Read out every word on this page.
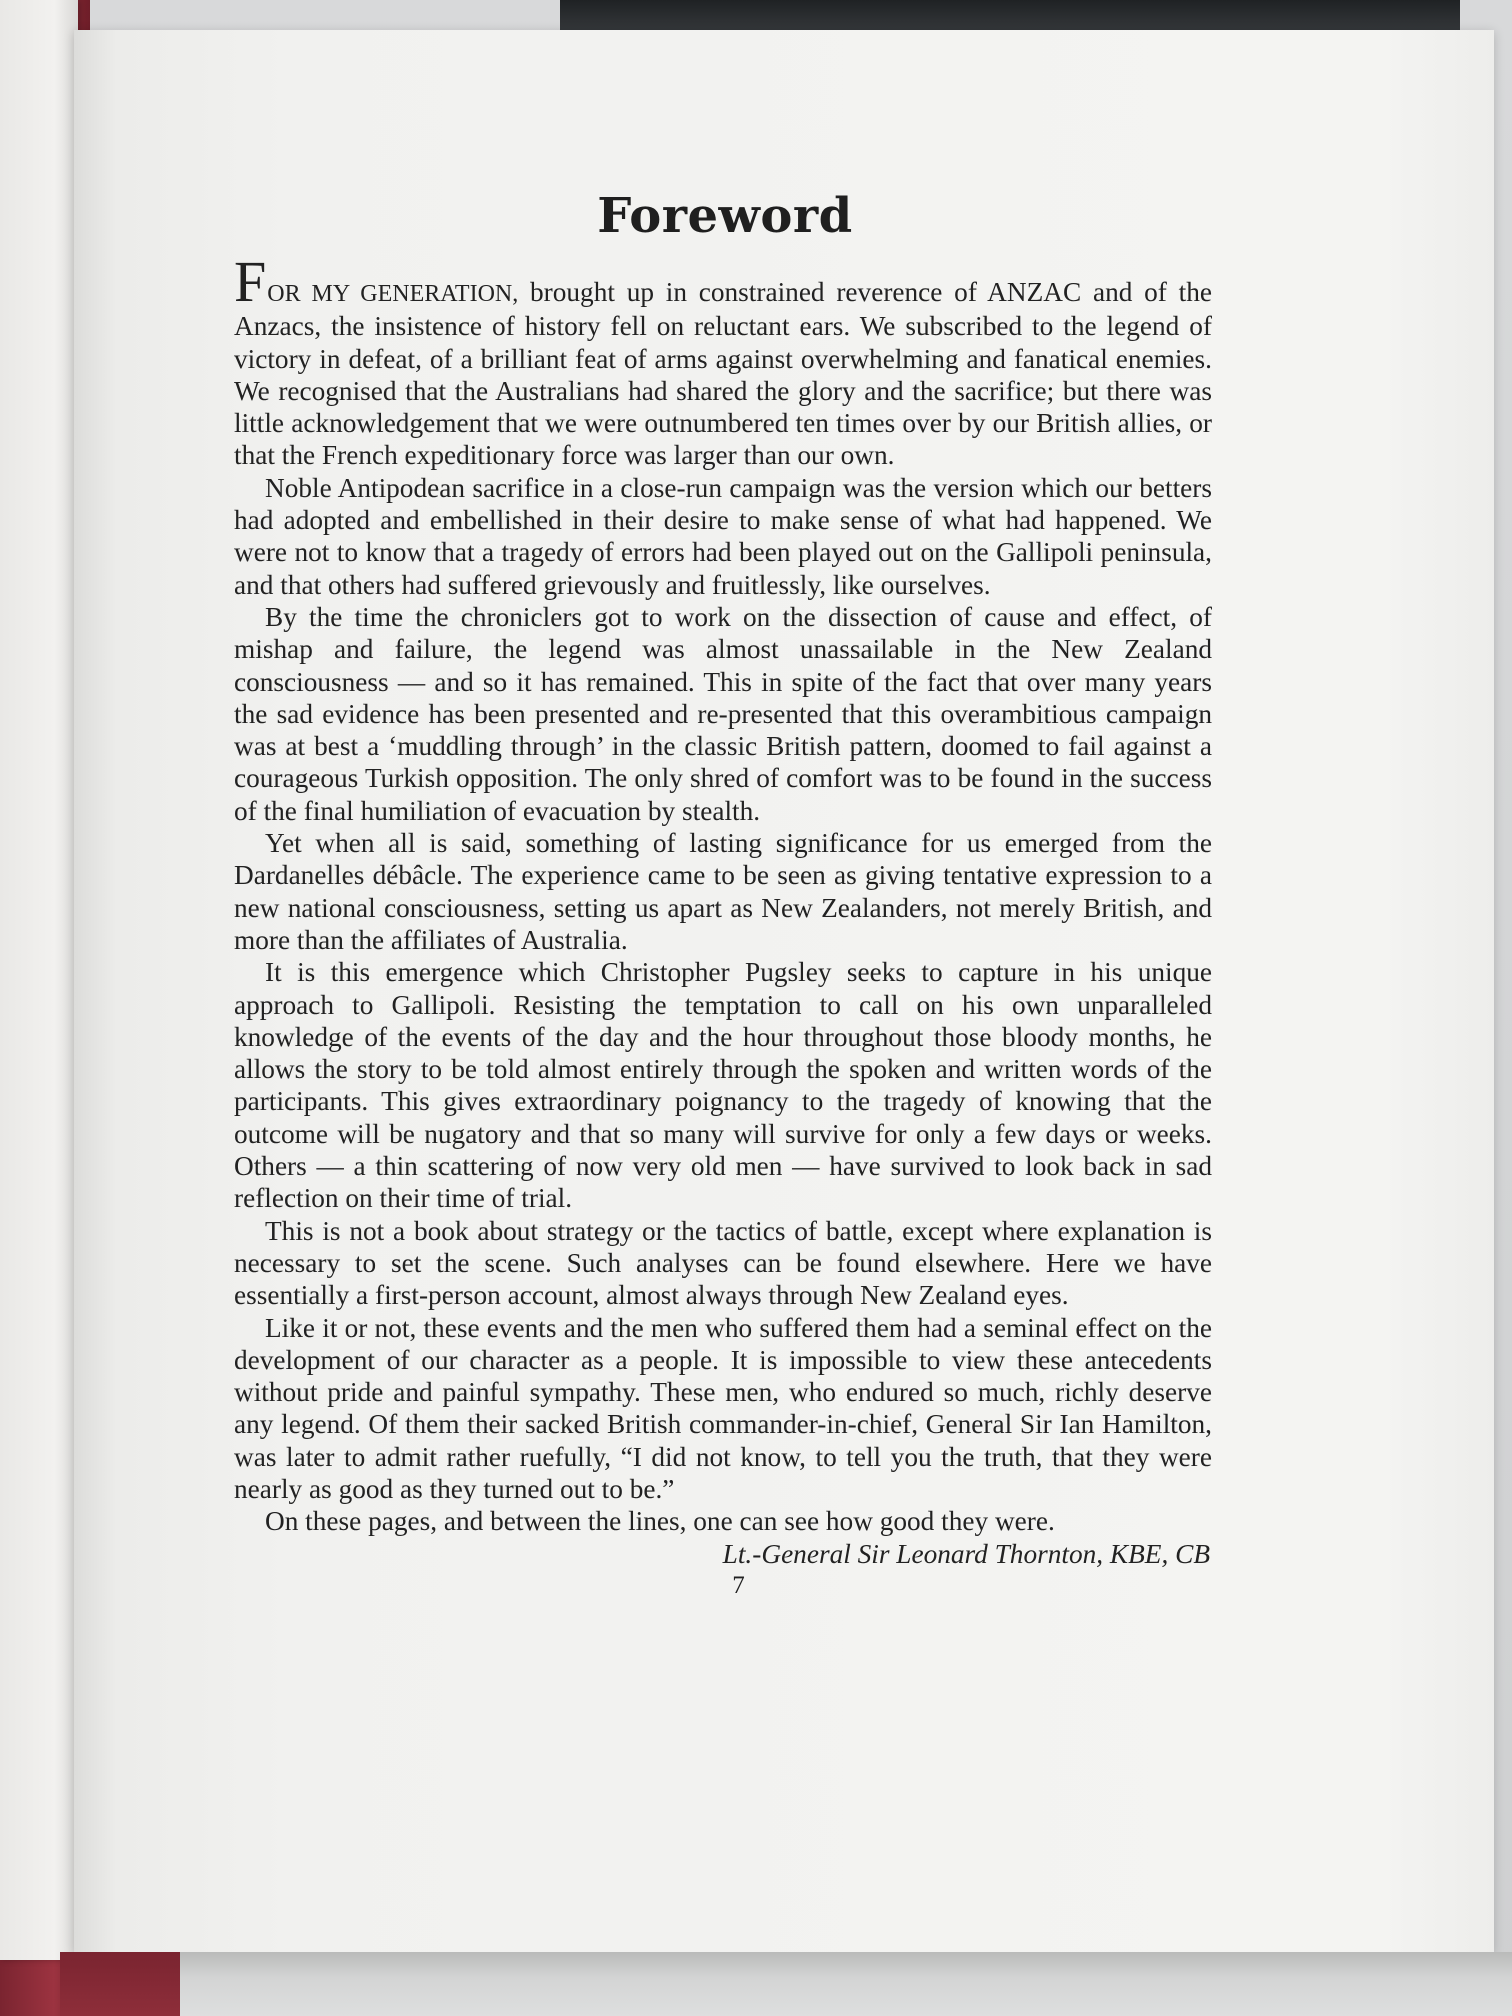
Foreword

FOR MY GENERATION, brought up in constrained reverence of ANZAC and of the Anzacs, the insistence of history fell on reluctant ears. We subscribed to the legend of victory in defeat, of a brilliant feat of arms against overwhelming and fanatical enemies. We recognised that the Australians had shared the glory and the sacrifice; but there was little acknowledgement that we were outnumbered ten times over by our British allies, or that the French expeditionary force was larger than our own.

Noble Antipodean sacrifice in a close-run campaign was the version which our betters had adopted and embellished in their desire to make sense of what had happened. We were not to know that a tragedy of errors had been played out on the Gallipoli peninsula, and that others had suffered grievously and fruitlessly, like ourselves.

By the time the chroniclers got to work on the dissection of cause and effect, of mishap and failure, the legend was almost unassailable in the New Zealand consciousness — and so it has remained. This in spite of the fact that over many years the sad evidence has been presented and re-presented that this overambitious campaign was at best a ‘muddling through’ in the classic British pattern, doomed to fail against a courageous Turkish opposition. The only shred of comfort was to be found in the success of the final humiliation of evacuation by stealth.

Yet when all is said, something of lasting significance for us emerged from the Dardanelles débâcle. The experience came to be seen as giving tentative expression to a new national consciousness, setting us apart as New Zealanders, not merely British, and more than the affiliates of Australia.

It is this emergence which Christopher Pugsley seeks to capture in his unique approach to Gallipoli. Resisting the temptation to call on his own unparalleled knowledge of the events of the day and the hour throughout those bloody months, he allows the story to be told almost entirely through the spoken and written words of the participants. This gives extraordinary poignancy to the tragedy of knowing that the outcome will be nugatory and that so many will survive for only a few days or weeks. Others — a thin scattering of now very old men — have survived to look back in sad reflection on their time of trial.

This is not a book about strategy or the tactics of battle, except where explanation is necessary to set the scene. Such analyses can be found elsewhere. Here we have essentially a first-person account, almost always through New Zealand eyes.

Like it or not, these events and the men who suffered them had a seminal effect on the development of our character as a people. It is impossible to view these antecedents without pride and painful sympathy. These men, who endured so much, richly deserve any legend. Of them their sacked British commander-in-chief, General Sir Ian Hamilton, was later to admit rather ruefully, “I did not know, to tell you the truth, that they were nearly as good as they turned out to be.”

On these pages, and between the lines, one can see how good they were.

Lt.-General Sir Leonard Thornton, KBE, CB

7
